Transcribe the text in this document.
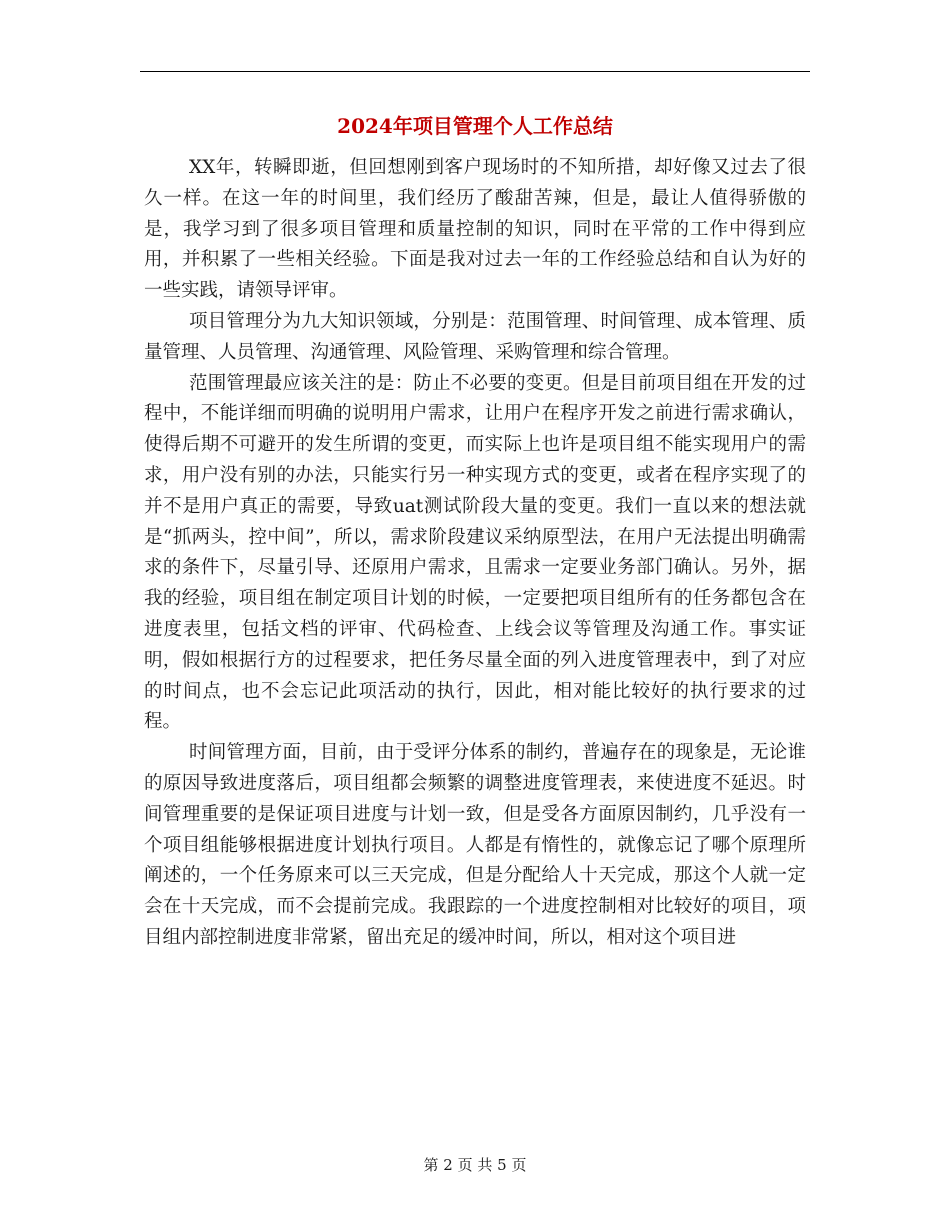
2024年项目管理个人工作总结

XX年，转瞬即逝，但回想刚到客户现场时的不知所措，却好像又过去了很久一样。在这一年的时间里，我们经历了酸甜苦辣，但是，最让人值得骄傲的是，我学习到了很多项目管理和质量控制的知识，同时在平常的工作中得到应用，并积累了一些相关经验。下面是我对过去一年的工作经验总结和自认为好的一些实践，请领导评审。

项目管理分为九大知识领域，分别是：范围管理、时间管理、成本管理、质量管理、人员管理、沟通管理、风险管理、采购管理和综合管理。

范围管理最应该关注的是：防止不必要的变更。但是目前项目组在开发的过程中，不能详细而明确的说明用户需求，让用户在程序开发之前进行需求确认，使得后期不可避开的发生所谓的变更，而实际上也许是项目组不能实现用户的需求，用户没有别的办法，只能实行另一种实现方式的变更，或者在程序实现了的并不是用户真正的需要，导致uat测试阶段大量的变更。我们一直以来的想法就是“抓两头，控中间”，所以，需求阶段建议采纳原型法，在用户无法提出明确需求的条件下，尽量引导、还原用户需求，且需求一定要业务部门确认。另外，据我的经验，项目组在制定项目计划的时候，一定要把项目组所有的任务都包含在进度表里，包括文档的评审、代码检查、上线会议等管理及沟通工作。事实证明，假如根据行方的过程要求，把任务尽量全面的列入进度管理表中，到了对应的时间点，也不会忘记此项活动的执行，因此，相对能比较好的执行要求的过程。

时间管理方面，目前，由于受评分体系的制约，普遍存在的现象是，无论谁的原因导致进度落后，项目组都会频繁的调整进度管理表，来使进度不延迟。时间管理重要的是保证项目进度与计划一致，但是受各方面原因制约，几乎没有一个项目组能够根据进度计划执行项目。人都是有惰性的，就像忘记了哪个原理所阐述的，一个任务原来可以三天完成，但是分配给人十天完成，那这个人就一定会在十天完成，而不会提前完成。我跟踪的一个进度控制相对比较好的项目，项目组内部控制进度非常紧，留出充足的缓冲时间，所以，相对这个项目进

第 2 页 共 5 页
